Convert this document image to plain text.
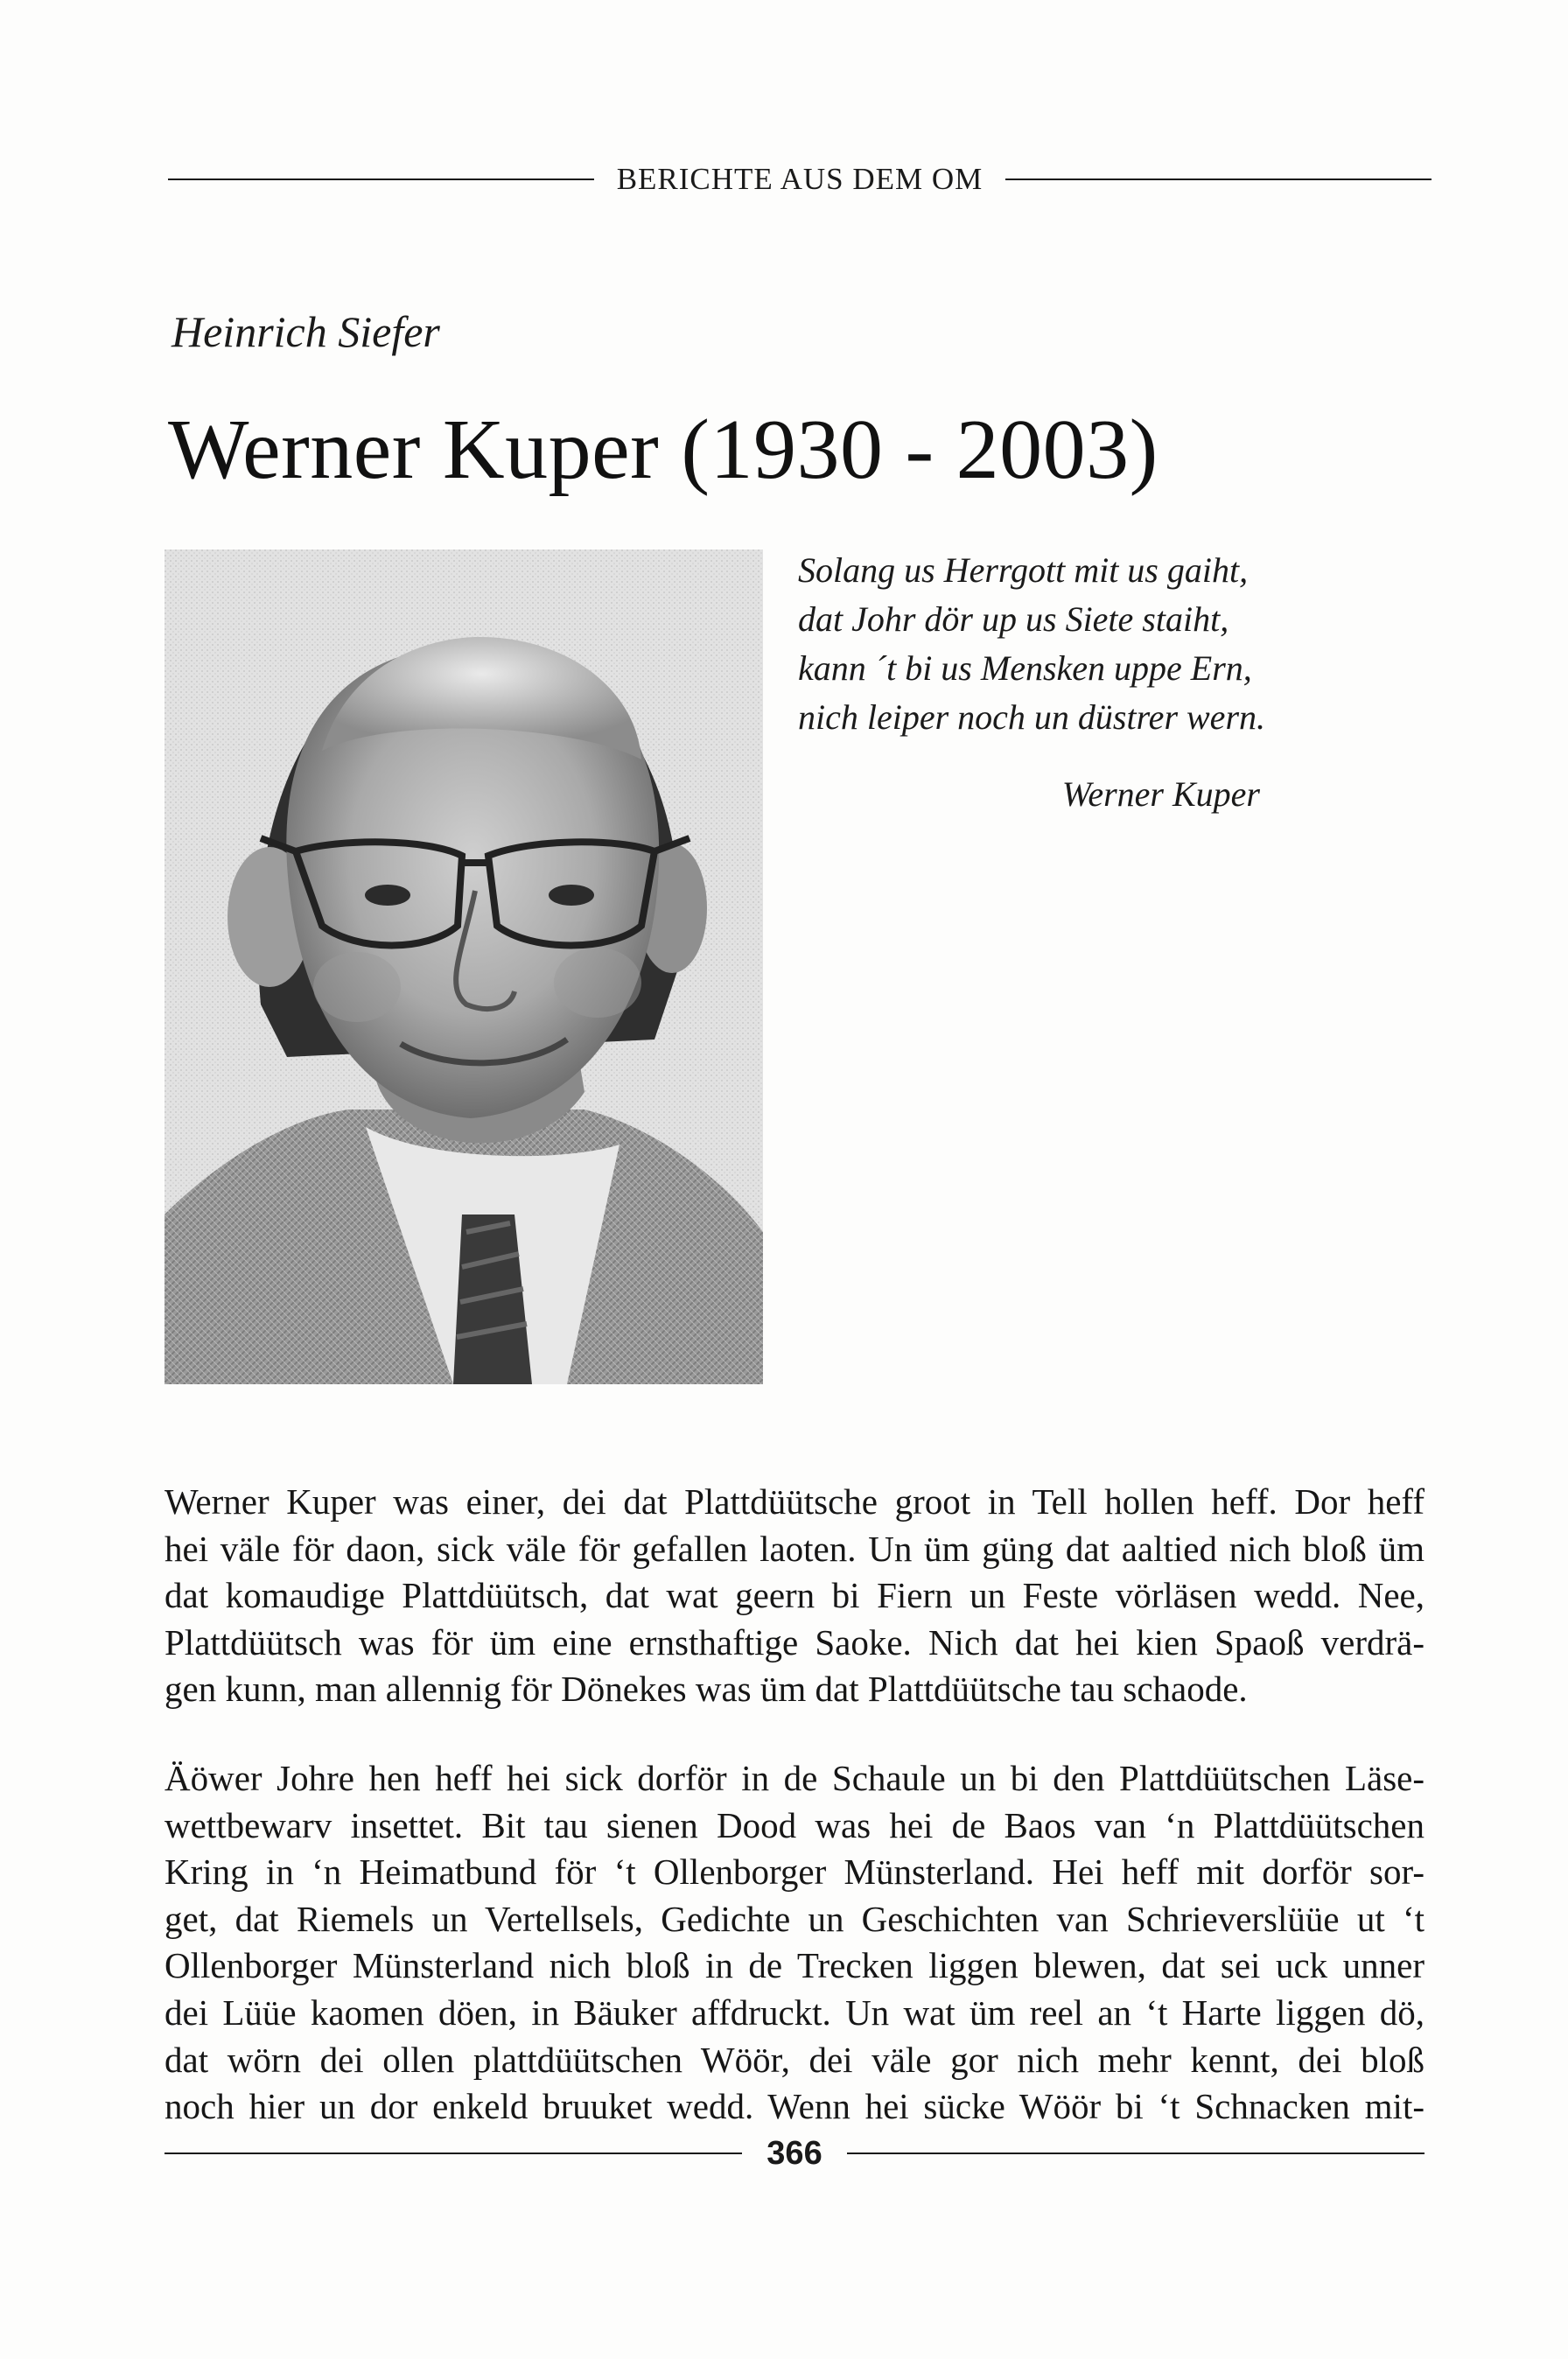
BERICHTE AUS DEM OM
Heinrich Siefer
Werner Kuper (1930 - 2003)
Solang us Herrgott mit us gaiht,
dat Johr dör up us Siete staiht,
kann ´t bi us Mensken uppe Ern,
nich leiper noch un düstrer wern.
Werner Kuper
Werner Kuper was einer, dei dat Plattdüütsche groot in Tell hollen heff. Dor heff
hei väle för daon, sick väle för gefallen laoten. Un üm güng dat aaltied nich bloß üm
dat komaudige Plattdüütsch, dat wat geern bi Fiern un Feste vörläsen wedd. Nee,
Plattdüütsch was för üm eine ernsthaftige Saoke. Nich dat hei kien Spaoß verdrä-
gen kunn, man allennig för Dönekes was üm dat Plattdüütsche tau schaode.
Äöwer Johre hen heff hei sick dorför in de Schaule un bi den Plattdüütschen Läse-
wettbewarv insettet. Bit tau sienen Dood was hei de Baos van ‘n Plattdüütschen
Kring in ‘n Heimatbund för ‘t Ollenborger Münsterland. Hei heff mit dorför sor-
get, dat Riemels un Vertellsels, Gedichte un Geschichten van Schrieverslüüe ut ‘t
Ollenborger Münsterland nich bloß in de Trecken liggen blewen, dat sei uck unner
dei Lüüe kaomen döen, in Bäuker affdruckt. Un wat üm reel an ‘t Harte liggen dö,
dat wörn dei ollen plattdüütschen Wöör, dei väle gor nich mehr kennt, dei bloß
noch hier un dor enkeld bruuket wedd. Wenn hei sücke Wöör bi ‘t Schnacken mit-
366
